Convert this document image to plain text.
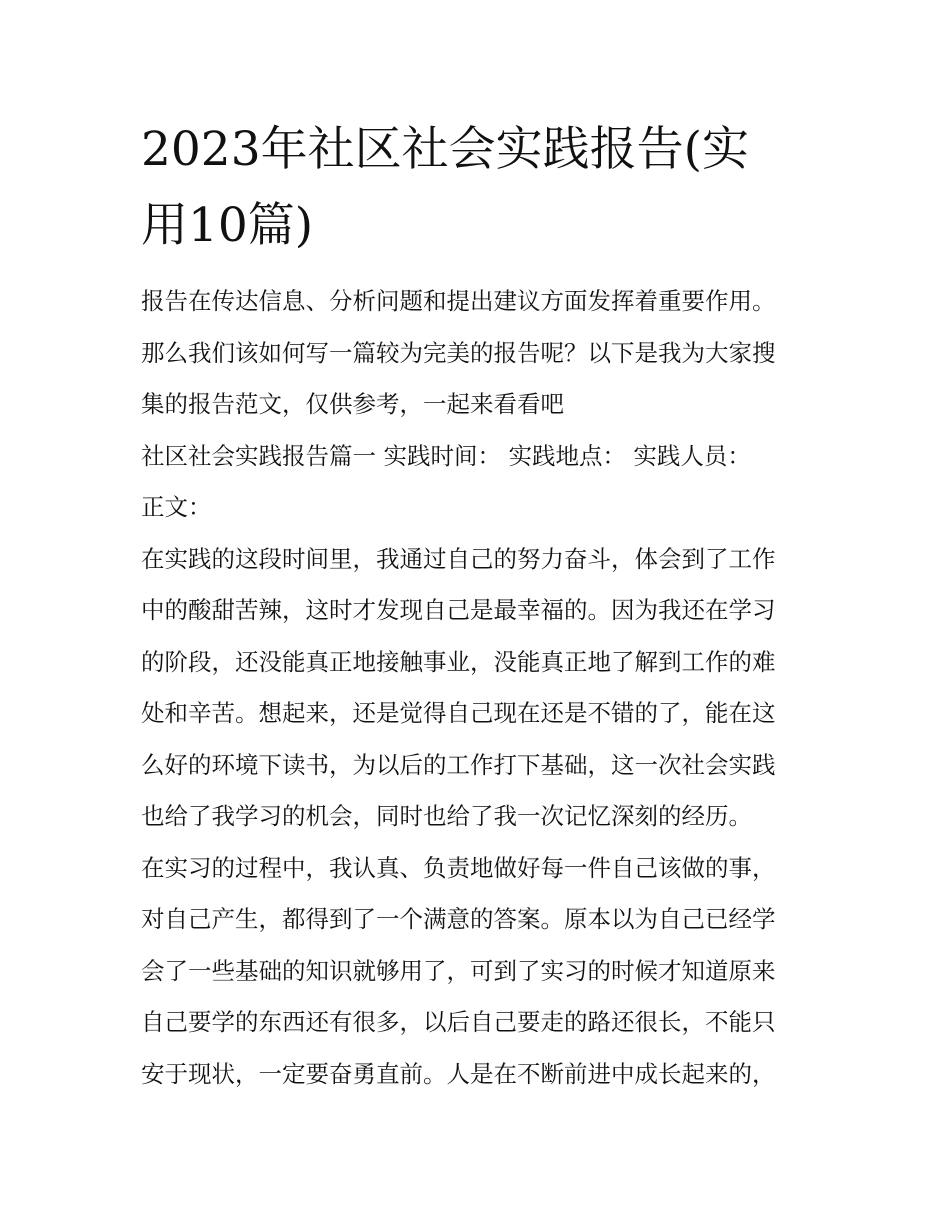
2023年社区社会实践报告(实
用10篇)

报告在传达信息、分析问题和提出建议方面发挥着重要作用。

那么我们该如何写一篇较为完美的报告呢？以下是我为大家搜

集的报告范文，仅供参考，一起来看看吧

社区社会实践报告篇一 实践时间： 实践地点： 实践人员：

正文：

在实践的这段时间里，我通过自己的努力奋斗，体会到了工作

中的酸甜苦辣，这时才发现自己是最幸福的。因为我还在学习

的阶段，还没能真正地接触事业，没能真正地了解到工作的难

处和辛苦。想起来，还是觉得自己现在还是不错的了，能在这

么好的环境下读书，为以后的工作打下基础，这一次社会实践

也给了我学习的机会，同时也给了我一次记忆深刻的经历。

在实习的过程中，我认真、负责地做好每一件自己该做的事，

对自己产生，都得到了一个满意的答案。原本以为自己已经学

会了一些基础的知识就够用了，可到了实习的时候才知道原来

自己要学的东西还有很多，以后自己要走的路还很长，不能只

安于现状，一定要奋勇直前。人是在不断前进中成长起来的，
